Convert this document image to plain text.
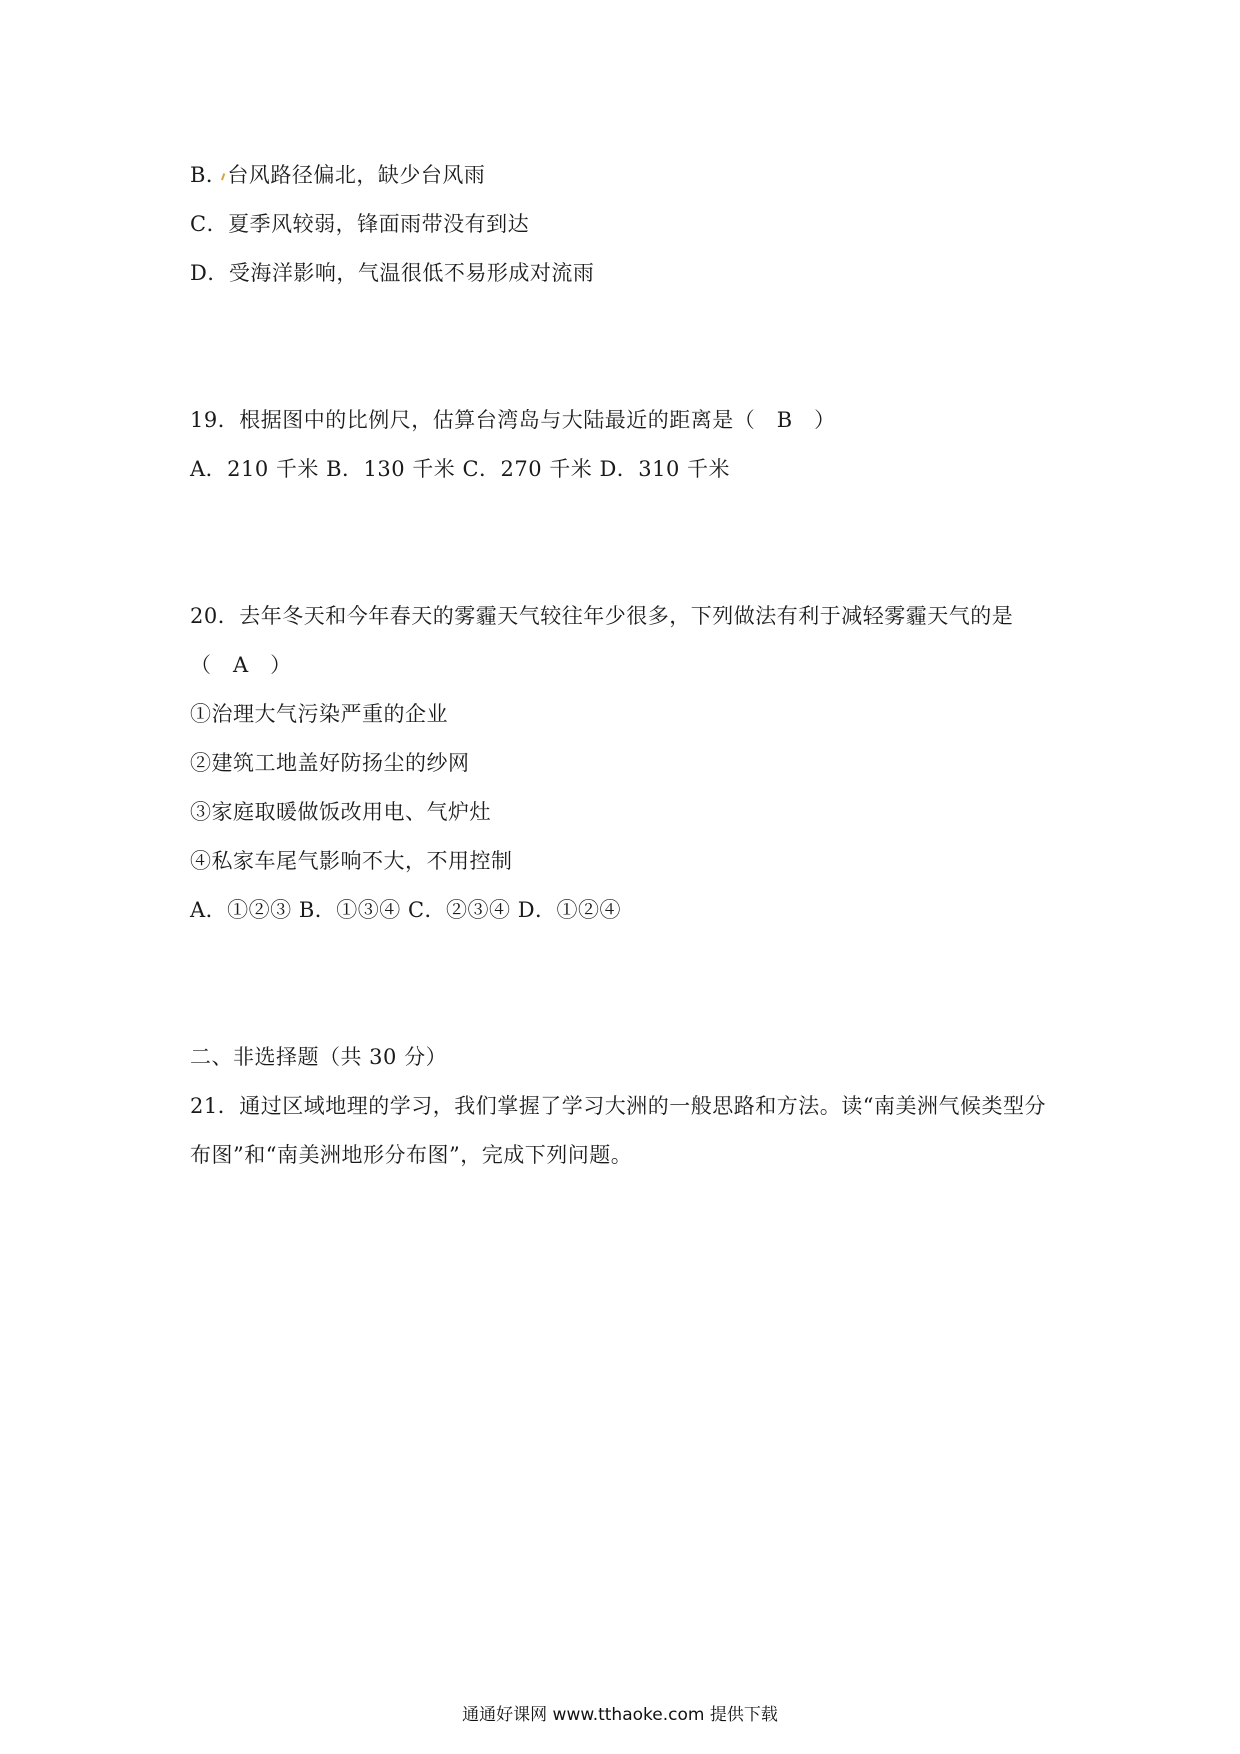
B．台风路径偏北，缺少台风雨
C．夏季风较弱，锋面雨带没有到达
D．受海洋影响，气温很低不易形成对流雨
19．根据图中的比例尺，估算台湾岛与大陆最近的距离是（　B　）
A．210 千米 B．130 千米 C．270 千米 D．310 千米
20．去年冬天和今年春天的雾霾天气较往年少很多，下列做法有利于减轻雾霾天气的是
（　A　）
①治理大气污染严重的企业
②建筑工地盖好防扬尘的纱网
③家庭取暖做饭改用电、气炉灶
④私家车尾气影响不大，不用控制
A．①②③ B．①③④ C．②③④ D．①②④
二、非选择题（共 30 分）
21．通过区域地理的学习，我们掌握了学习大洲的一般思路和方法。读“南美洲气候类型分
布图”和“南美洲地形分布图”，完成下列问题。
通通好课网 www.tthaoke.com 提供下载
